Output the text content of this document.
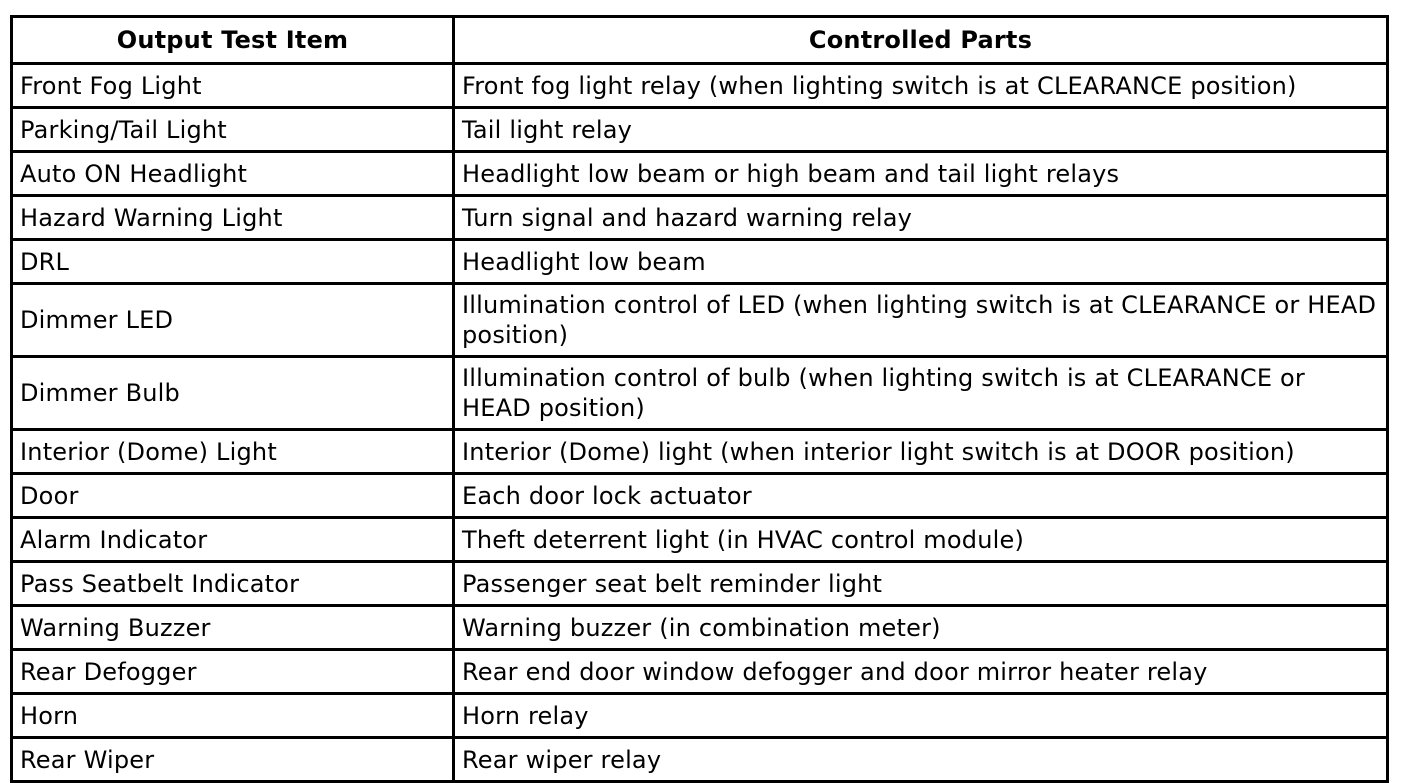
Output Test Item	Controlled Parts
Front Fog Light	Front fog light relay (when lighting switch is at CLEARANCE position)
Parking/Tail Light	Tail light relay
Auto ON Headlight	Headlight low beam or high beam and tail light relays
Hazard Warning Light	Turn signal and hazard warning relay
DRL	Headlight low beam
Dimmer LED	Illumination control of LED (when lighting switch is at CLEARANCE or HEAD position)
Dimmer Bulb	Illumination control of bulb (when lighting switch is at CLEARANCE or HEAD position)
Interior (Dome) Light	Interior (Dome) light (when interior light switch is at DOOR position)
Door	Each door lock actuator
Alarm Indicator	Theft deterrent light (in HVAC control module)
Pass Seatbelt Indicator	Passenger seat belt reminder light
Warning Buzzer	Warning buzzer (in combination meter)
Rear Defogger	Rear end door window defogger and door mirror heater relay
Horn	Horn relay
Rear Wiper	Rear wiper relay
